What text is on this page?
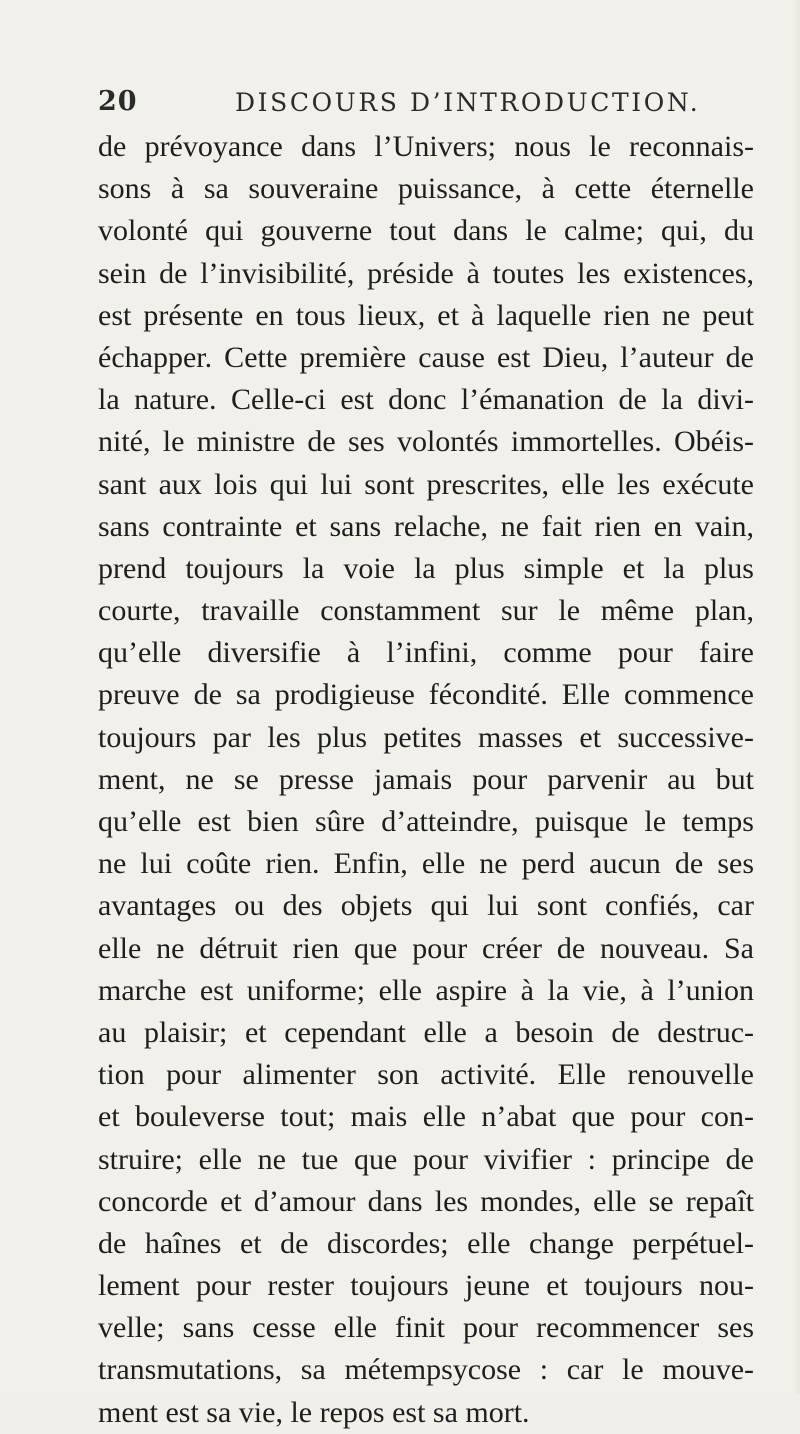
20	DISCOURS D’INTRODUCTION.
de prévoyance dans l’Univers; nous le reconnais-
sons à sa souveraine puissance, à cette éternelle
volonté qui gouverne tout dans le calme; qui, du
sein de l’invisibilité, préside à toutes les existences,
est présente en tous lieux, et à laquelle rien ne peut
échapper. Cette première cause est Dieu, l’auteur de
la nature. Celle-ci est donc l’émanation de la divi-
nité, le ministre de ses volontés immortelles. Obéis-
sant aux lois qui lui sont prescrites, elle les exécute
sans contrainte et sans relache, ne fait rien en vain,
prend toujours la voie la plus simple et la plus
courte, travaille constamment sur le même plan,
qu’elle diversifie à l’infini, comme pour faire
preuve de sa prodigieuse fécondité. Elle commence
toujours par les plus petites masses et successive-
ment, ne se presse jamais pour parvenir au but
qu’elle est bien sûre d’atteindre, puisque le temps
ne lui coûte rien. Enfin, elle ne perd aucun de ses
avantages ou des objets qui lui sont confiés, car
elle ne détruit rien que pour créer de nouveau. Sa
marche est uniforme; elle aspire à la vie, à l’union
au plaisir; et cependant elle a besoin de destruc-
tion pour alimenter son activité. Elle renouvelle
et bouleverse tout; mais elle n’abat que pour con-
struire; elle ne tue que pour vivifier : principe de
concorde et d’amour dans les mondes, elle se repaît
de haînes et de discordes; elle change perpétuel-
lement pour rester toujours jeune et toujours nou-
velle; sans cesse elle finit pour recommencer ses
transmutations, sa métempsycose : car le mouve-
ment est sa vie, le repos est sa mort.
